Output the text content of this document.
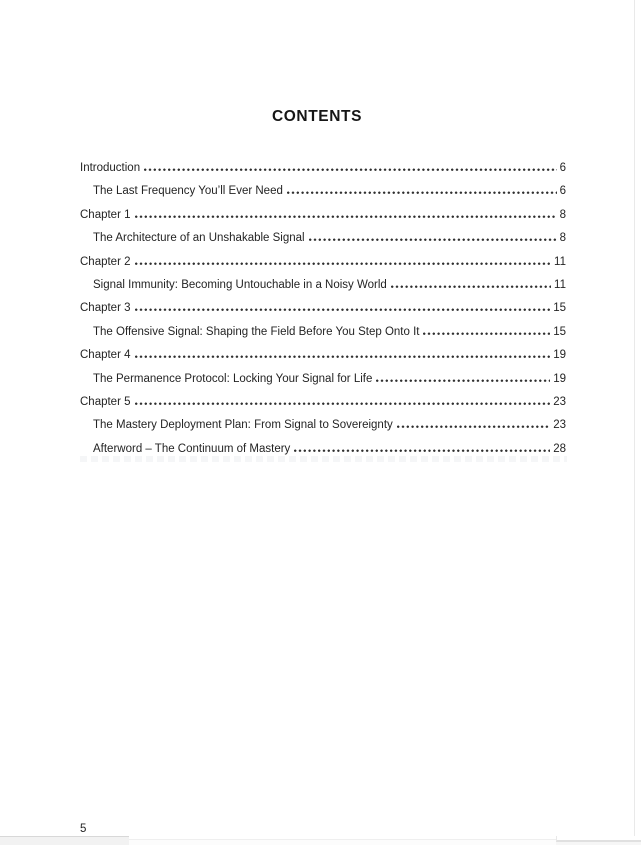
CONTENTS
Introduction	6
The Last Frequency You’ll Ever Need	6
Chapter 1	8
The Architecture of an Unshakable Signal	8
Chapter 2	11
Signal Immunity: Becoming Untouchable in a Noisy World	11
Chapter 3	15
The Offensive Signal: Shaping the Field Before You Step Onto It	15
Chapter 4	19
The Permanence Protocol: Locking Your Signal for Life	19
Chapter 5	23
The Mastery Deployment Plan: From Signal to Sovereignty	23
Afterword – The Continuum of Mastery	28
5
